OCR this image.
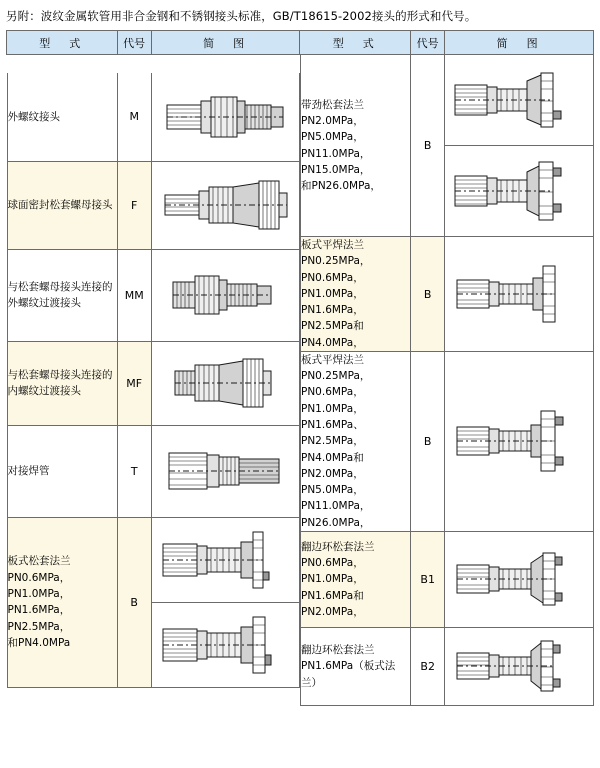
另附：波纹金属软管用非合金钢和不锈钢接头标准，GB/T18615-2002接头的形式和代号。
型　式	代号	简　图	型　式	代号	简　图

外螺纹接头	M	

球面密封松套螺母接头	F	

与松套螺母接头连接的外螺纹过渡接头	MM	

与松套螺母接头连接的内螺纹过渡接头	MF	

对接焊管	T	

板式松套法兰
PN0.6MPa，PN1.0MPa，
PN1.6MPa，PN2.5MPa，
和PN4.0MPa	B	

带劲松套法兰
PN2.0MPa，PN5.0MPa，
PN11.0MPa，PN15.0MPa，
和PN26.0MPa，	B	

板式平焊法兰
PN0.25MPa，PN0.6MPa，
PN1.0MPa，PN1.6MPa，
PN2.5MPa和PN4.0MPa，	B	

板式平焊法兰
PN0.25MPa，PN0.6MPa，
PN1.0MPa，PN1.6MPa、
PN2.5MPa，PN4.0MPa和
PN2.0MPa，PN5.0MPa，
PN11.0MPa，PN26.0MPa，	B	

翻边环松套法兰
PN0.6MPa，PN1.0MPa，
PN1.6MPa和PN2.0MPa，	B1	

翻边环松套法兰
PN1.6MPa（板式法兰）	B2	
